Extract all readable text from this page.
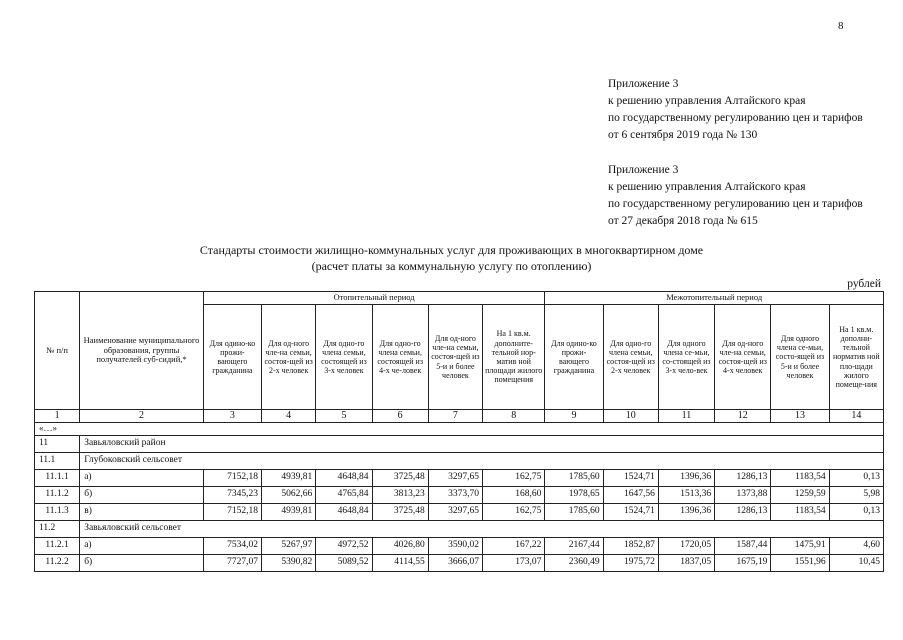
8
Приложение 3
к решению управления Алтайского края
по государственному регулированию цен и тарифов
от 6 сентября 2019 года № 130
Приложение 3
к решению управления Алтайского края
по государственному регулированию цен и тарифов
от 27 декабря 2018 года № 615
Стандарты стоимости жилищно-коммунальных услуг для проживающих в многоквартирном доме
(расчет платы за коммунальную услугу по отоплению)
рублей
№ п/п	Наименование муниципального образования, группы получателей суб-сидий,*	Отопительный период						Межотопительный период					
		Для одино-ко прожи-вающего гражданина	Для од-ного чле-на семьи, состоя-щей из 2-х человек	Для одно-го члена семьи, состоящей из 3-х человек	Для одно-го члена семьи, состоящей из 4-х че-ловек	Для од-ного чле-на семьи, состоя-щей из 5-и и более человек	На 1 кв.м. дополните-тельной нор-матив ной площади жилого помещения	Для одино-ко прожи-вающего гражданина	Для одно-го члена семьи, состоя-щей из 2-х человек	Для одного члена се-мьи, со-стоящей из 3-х чело-век	Для од-ного чле-на семьи, состоя-щей из 4-х человек	Для одного члена се-мьи, состо-ящей из 5-и и более человек	На 1 кв.м. дополни-тельной норматив ной пло-щади жилого помеще-ния
1	2	3	4	5	6	7	8	9	10	11	12	13	14
«…»													
11	Завьяловский район												
11.1	Глубоковский сельсовет												
11.1.1	а)	7152,18	4939,81	4648,84	3725,48	3297,65	162,75	1785,60	1524,71	1396,36	1286,13	1183,54	0,13
11.1.2	б)	7345,23	5062,66	4765,84	3813,23	3373,70	168,60	1978,65	1647,56	1513,36	1373,88	1259,59	5,98
11.1.3	в)	7152,18	4939,81	4648,84	3725,48	3297,65	162,75	1785,60	1524,71	1396,36	1286,13	1183,54	0,13
11.2	Завьяловский сельсовет												
11.2.1	а)	7534,02	5267,97	4972,52	4026,80	3590,02	167,22	2167,44	1852,87	1720,05	1587,44	1475,91	4,60
11.2.2	б)	7727,07	5390,82	5089,52	4114,55	3666,07	173,07	2360,49	1975,72	1837,05	1675,19	1551,96	10,45
